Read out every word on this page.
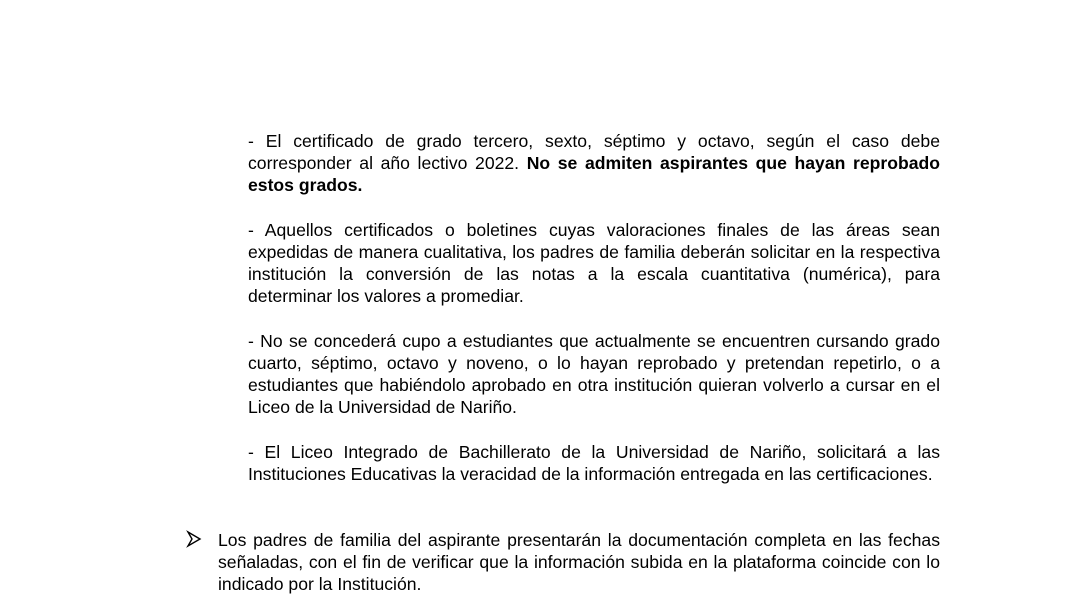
- El certificado de grado tercero, sexto, séptimo y octavo, según el caso debe corresponder al año lectivo 2022. No se admiten aspirantes que hayan reprobado estos grados.

- Aquellos certificados o boletines cuyas valoraciones finales de las áreas sean expedidas de manera cualitativa, los padres de familia deberán solicitar en la respectiva institución la conversión de las notas a la escala cuantitativa (numérica), para determinar los valores a promediar.

- No se concederá cupo a estudiantes que actualmente se encuentren cursando grado cuarto, séptimo, octavo y noveno, o lo hayan reprobado y pretendan repetirlo, o a estudiantes que habiéndolo aprobado en otra institución quieran volverlo a cursar en el Liceo de la Universidad de Nariño.

- El Liceo Integrado de Bachillerato de la Universidad de Nariño, solicitará a las Instituciones Educativas la veracidad de la información entregada en las certificaciones.

Los padres de familia del aspirante presentarán la documentación completa en las fechas señaladas, con el fin de verificar que la información subida en la plataforma coincide con lo indicado por la Institución.
